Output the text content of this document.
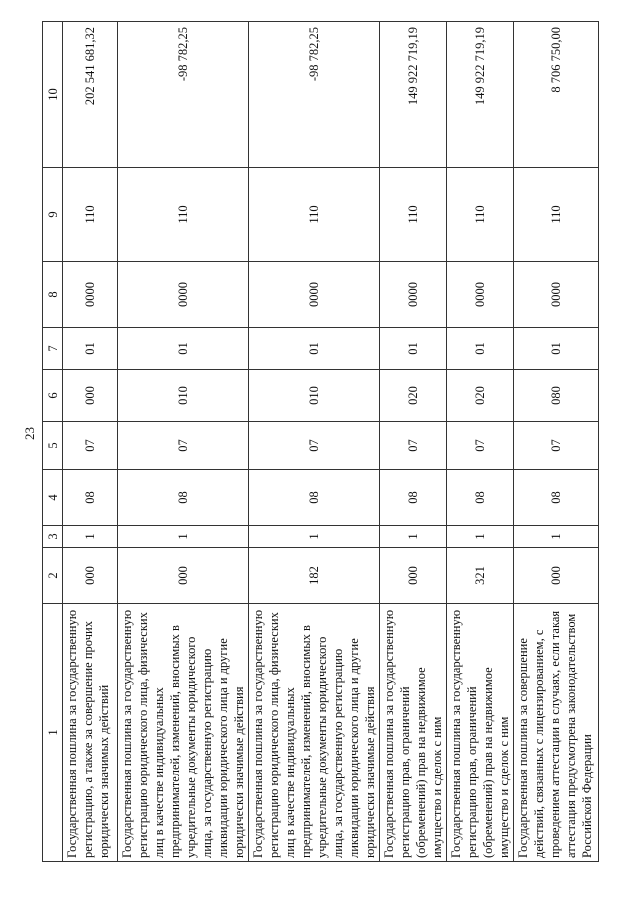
23
1	2	3	4	5	6	7	8	9	10
Государственная пошлина за государственную регистрацию, а также за совершение прочих юридически значимых действий	000	1	08	07	000	01	0000	110	202 541 681,32
Государственная пошлина за государственную регистрацию юридического лица, физических лиц в качестве индивидуальных предпринимателей, изменений, вносимых в учредительные документы юридического лица, за государственную регистрацию ликвидации юридического лица и другие юридически значимые действия	000	1	08	07	010	01	0000	110	-98 782,25
Государственная пошлина за государственную регистрацию юридического лица, физических лиц в качестве индивидуальных предпринимателей, изменений, вносимых в учредительные документы юридического лица, за государственную регистрацию ликвидации юридического лица и другие юридически значимые действия	182	1	08	07	010	01	0000	110	-98 782,25
Государственная пошлина за государственную регистрацию прав, ограничений (обременений) прав на недвижимое имущество и сделок с ним	000	1	08	07	020	01	0000	110	149 922 719,19
Государственная пошлина за государственную регистрацию прав, ограничений (обременений) прав на недвижимое имущество и сделок с ним	321	1	08	07	020	01	0000	110	149 922 719,19
Государственная пошлина за совершение действий, связанных с лицензированием, с проведением аттестации в случаях, если такая аттестация предусмотрена законодательством Российской Федерации	000	1	08	07	080	01	0000	110	8 706 750,00
